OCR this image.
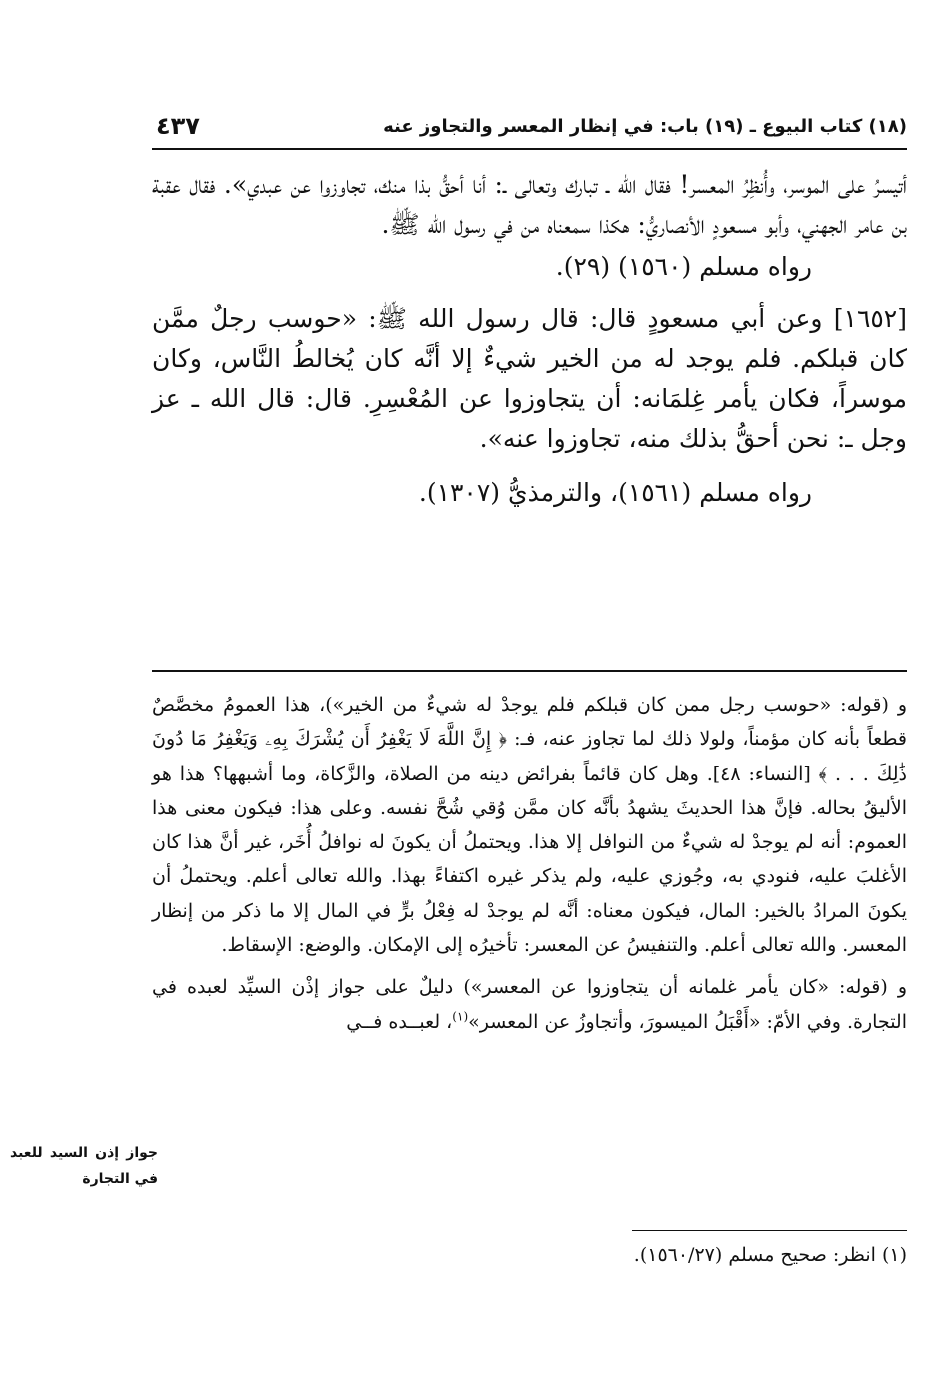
(١٨) كتاب البيوع ـ (١٩) باب: في إنظار المعسر والتجاوز عنه
٤٣٧

أتيسرُ على الموسر، وأُنظِرُ المعسر! فقال الله ـ تبارك وتعالى ـ: أنا أحقُّ بذا منك، تجاوزوا عن عبدي». فقال عقبة بن عامر الجهني، وأبو مسعودٍ الأنصاريُّ: هكذا سمعناه من في رسول الله ﷺ.

رواه مسلم (١٥٦٠) (٢٩).

[١٦٥٢] وعن أبي مسعودٍ قال: قال رسول الله ﷺ: «حوسب رجلٌ ممَّن كان قبلكم. فلم يوجد له من الخير شيءٌ إلا أنَّه كان يُخالطُ النَّاس، وكان موسراً، فكان يأمر غِلمَانه: أن يتجاوزوا عن المُعْسِرِ. قال: قال الله ـ عز وجل ـ: نحن أحقُّ بذلك منه، تجاوزوا عنه».

رواه مسلم (١٥٦١)، والترمذيُّ (١٣٠٧).

و (قوله: «حوسب رجل ممن كان قبلكم فلم يوجدْ له شيءٌ من الخير»)، هذا العمومُ مخصَّصٌ قطعاً بأنه كان مؤمناً، ولولا ذلك لما تجاوز عنه، فـ: ﴿ إِنَّ اللَّهَ لَا يَغْفِرُ أَن يُشْرَكَ بِهِۦ وَيَغْفِرُ مَا دُونَ ذَٰلِكَ . . . ﴾ [النساء: ٤٨]. وهل كان قائماً بفرائض دينه من الصلاة، والزَّكاة، وما أشبهها؟ هذا هو الأليقُ بحاله. فإنَّ هذا الحديثَ يشهدُ بأنَّه كان ممَّن وُقي شُحَّ نفسه. وعلى هذا: فيكون معنى هذا العموم: أنه لم يوجدْ له شيءٌ من النوافل إلا هذا. ويحتملُ أن يكونَ له نوافلُ أُخَر، غير أنَّ هذا كان الأغلبَ عليه، فنودي به، وجُوزي عليه، ولم يذكر غيره اكتفاءً بهذا. والله تعالى أعلم. ويحتملُ أن يكونَ المرادُ بالخير: المال، فيكون معناه: أنَّه لم يوجدْ له فِعْلُ برٍّ في المال إلا ما ذكر من إنظار المعسر. والله تعالى أعلم. والتنفيسُ عن المعسر: تأخيرُه إلى الإمكان. والوضع: الإسقاط.

و (قوله: «كان يأمر غلمانه أن يتجاوزوا عن المعسر») دليلٌ على جواز إذْن السيِّد لعبده في التجارة. وفي الأمّ: «أَقْبَلُ الميسورَ، وأتجاوزُ عن المعسر»$^{(١)}$، لعبــده فــي

جواز إذن السيد للعبد في التجارة
(١) انظر: صحيح مسلم (١٥٦٠/٢٧).
